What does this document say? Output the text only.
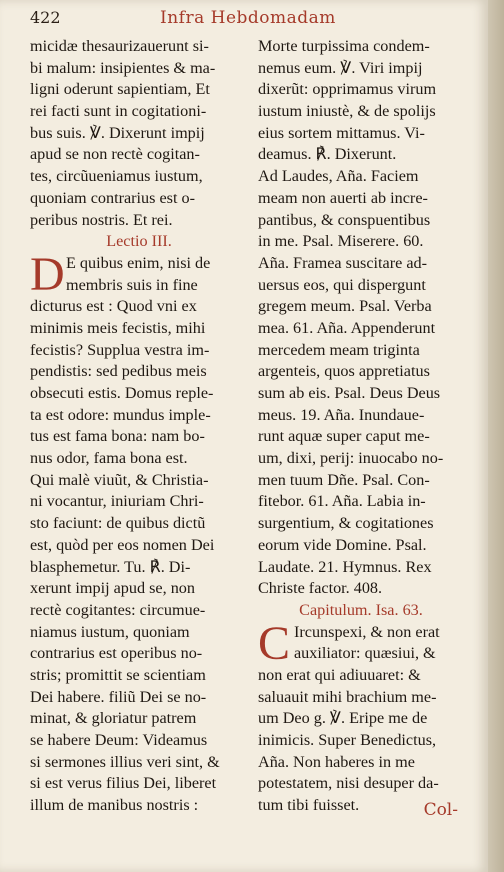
422	Infra Hebdomadam
micidæ thesaurizauerunt si-
bi malum: insipientes & ma-
ligni oderunt sapientiam, Et
rei facti sunt in cogitationi-
bus suis. ℣. Dixerunt impij
apud se non rectè cogitan-
tes, circũueniamus iustum,
quoniam contrarius est o-
peribus nostris. Et rei.
Lectio III.
D E quibus enim, nisi de
membris suis in fine
dicturus est : Quod vni ex
minimis meis fecistis, mihi
fecistis? Supplua vestra im-
pendistis: sed pedibus meis
obsecuti estis. Domus reple-
ta est odore: mundus imple-
tus est fama bona: nam bo-
nus odor, fama bona est.
Qui malè viuũt, & Christia-
ni vocantur, iniuriam Chri-
sto faciunt: de quibus dictũ
est, quòd per eos nomen Dei
blasphemetur. Tu. ℟. Di-
xerunt impij apud se, non
rectè cogitantes: circumue-
niamus iustum, quoniam
contrarius est operibus no-
stris; promittit se scientiam
Dei habere. filiũ Dei se no-
minat, & gloriatur patrem
se habere Deum: Videamus
si sermones illius veri sint, &
si est verus filius Dei, liberet
illum de manibus nostris :
Morte turpissima condem-
nemus eum. ℣. Viri impij
dixerũt: opprimamus virum
iustum iniustè, & de spolijs
eius sortem mittamus. Vi-
deamus. ℟. Dixerunt.
Ad Laudes, Aña. Faciem
meam non auerti ab incre-
pantibus, & conspuentibus
in me. Psal. Miserere. 60.
Aña. Framea suscitare ad-
uersus eos, qui dispergunt
gregem meum. Psal. Verba
mea. 61. Aña. Appenderunt
mercedem meam triginta
argenteis, quos appretiatus
sum ab eis. Psal. Deus Deus
meus. 19. Aña. Inundaue-
runt aquæ super caput me-
um, dixi, perij: inuocabo no-
men tuum Dñe. Psal. Con-
fitebor. 61. Aña. Labia in-
surgentium, & cogitationes
eorum vide Domine. Psal.
Laudate. 21. Hymnus. Rex
Christe factor. 408.
Capitulum. Isa. 63.
C Ircunspexi, & non erat
auxiliator: quæsiui, &
non erat qui adiuuaret: &
saluauit mihi brachium me-
um Deo g. ℣. Eripe me de
inimicis. Super Benedictus,
Aña. Non haberes in me
potestatem, nisi desuper da-
tum tibi fuisset.	Col-
